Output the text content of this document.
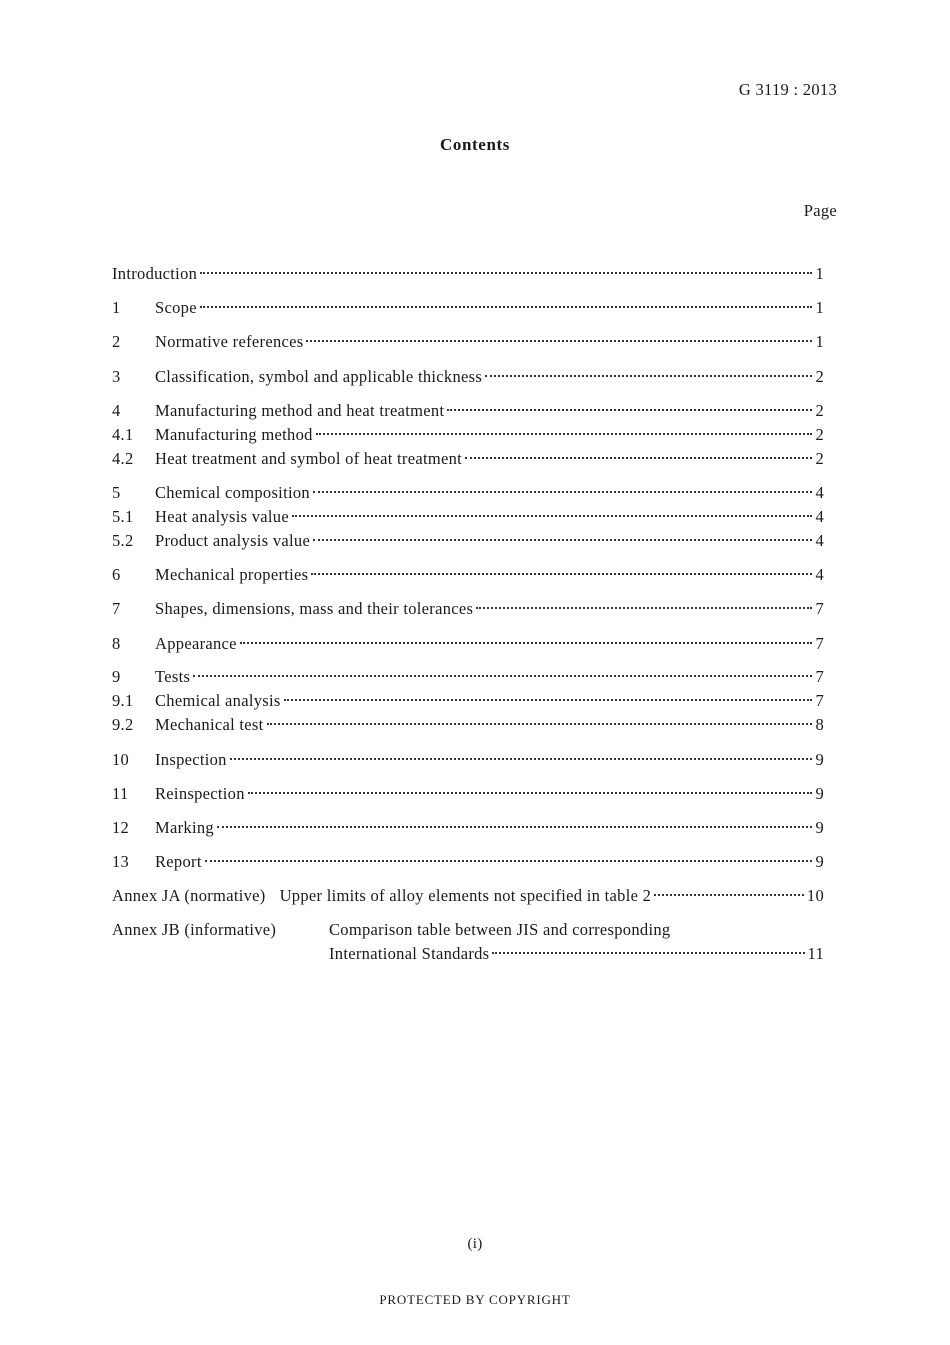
G 3119 : 2013
Contents
Page
Introduction	1
1	Scope	1
2	Normative references	1
3	Classification, symbol and applicable thickness	2
4	Manufacturing method and heat treatment	2
4.1	Manufacturing method	2
4.2	Heat treatment and symbol of heat treatment	2
5	Chemical composition	4
5.1	Heat analysis value	4
5.2	Product analysis value	4
6	Mechanical properties	4
7	Shapes, dimensions, mass and their tolerances	7
8	Appearance	7
9	Tests	7
9.1	Chemical analysis	7
9.2	Mechanical test	8
10	Inspection	9
11	Reinspection	9
12	Marking	9
13	Report	9
Annex JA (normative) Upper limits of alloy elements not specified in table 2	10
Annex JB (informative)	Comparison table between JIS and corresponding
International Standards	11
(i)
PROTECTED BY COPYRIGHT
